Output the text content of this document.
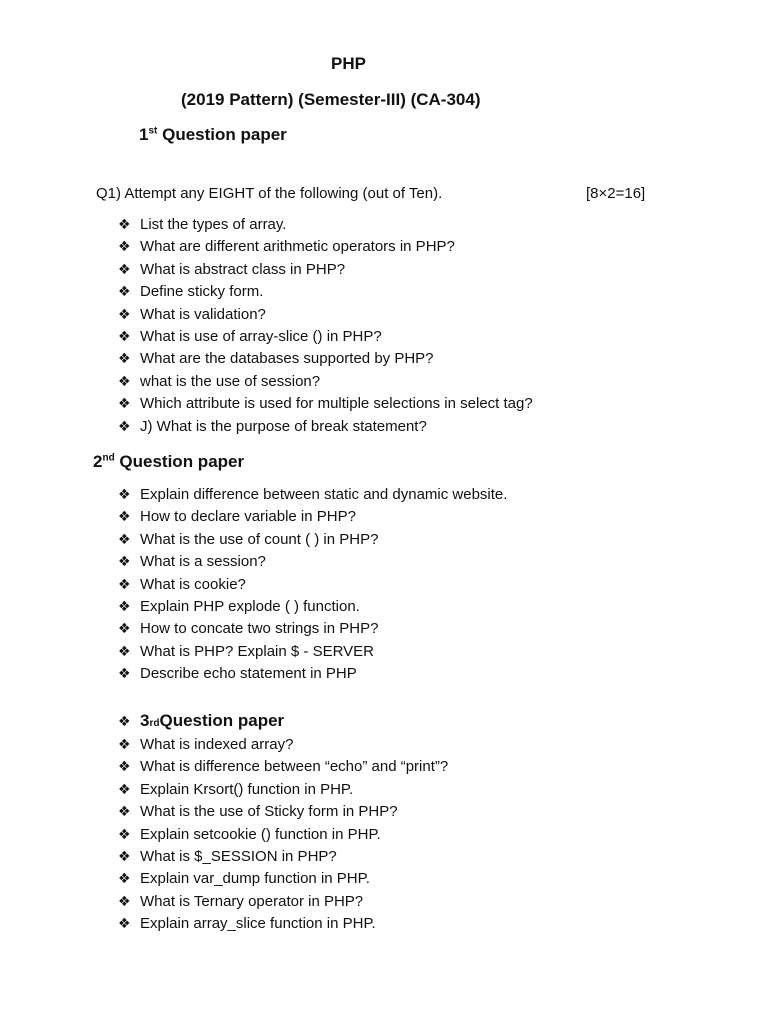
PHP
(2019 Pattern) (Semester-III) (CA-304)
1st Question paper
Q1) Attempt any EIGHT of the following (out of Ten).	[8×2=16]
❖ List the types of array.
❖ What are different arithmetic operators in PHP?
❖ What is abstract class in PHP?
❖ Define sticky form.
❖ What is validation?
❖ What is use of array-slice () in PHP?
❖ What are the databases supported by PHP?
❖ what is the use of session?
❖ Which attribute is used for multiple selections in select tag?
❖ J) What is the purpose of break statement?
2nd Question paper
❖ Explain difference between static and dynamic website.
❖ How to declare variable in PHP?
❖ What is the use of count ( ) in PHP?
❖ What is a session?
❖ What is cookie?
❖ Explain PHP explode ( ) function.
❖ How to concate two strings in PHP?
❖ What is PHP? Explain $ - SERVER
❖ Describe echo statement in PHP
❖ 3 rd Question paper
❖ What is indexed array?
❖ What is difference between “echo” and “print”?
❖ Explain Krsort() function in PHP.
❖ What is the use of Sticky form in PHP?
❖ Explain setcookie () function in PHP.
❖ What is $_SESSION in PHP?
❖ Explain var_dump function in PHP.
❖ What is Ternary operator in PHP?
❖ Explain array_slice function in PHP.
